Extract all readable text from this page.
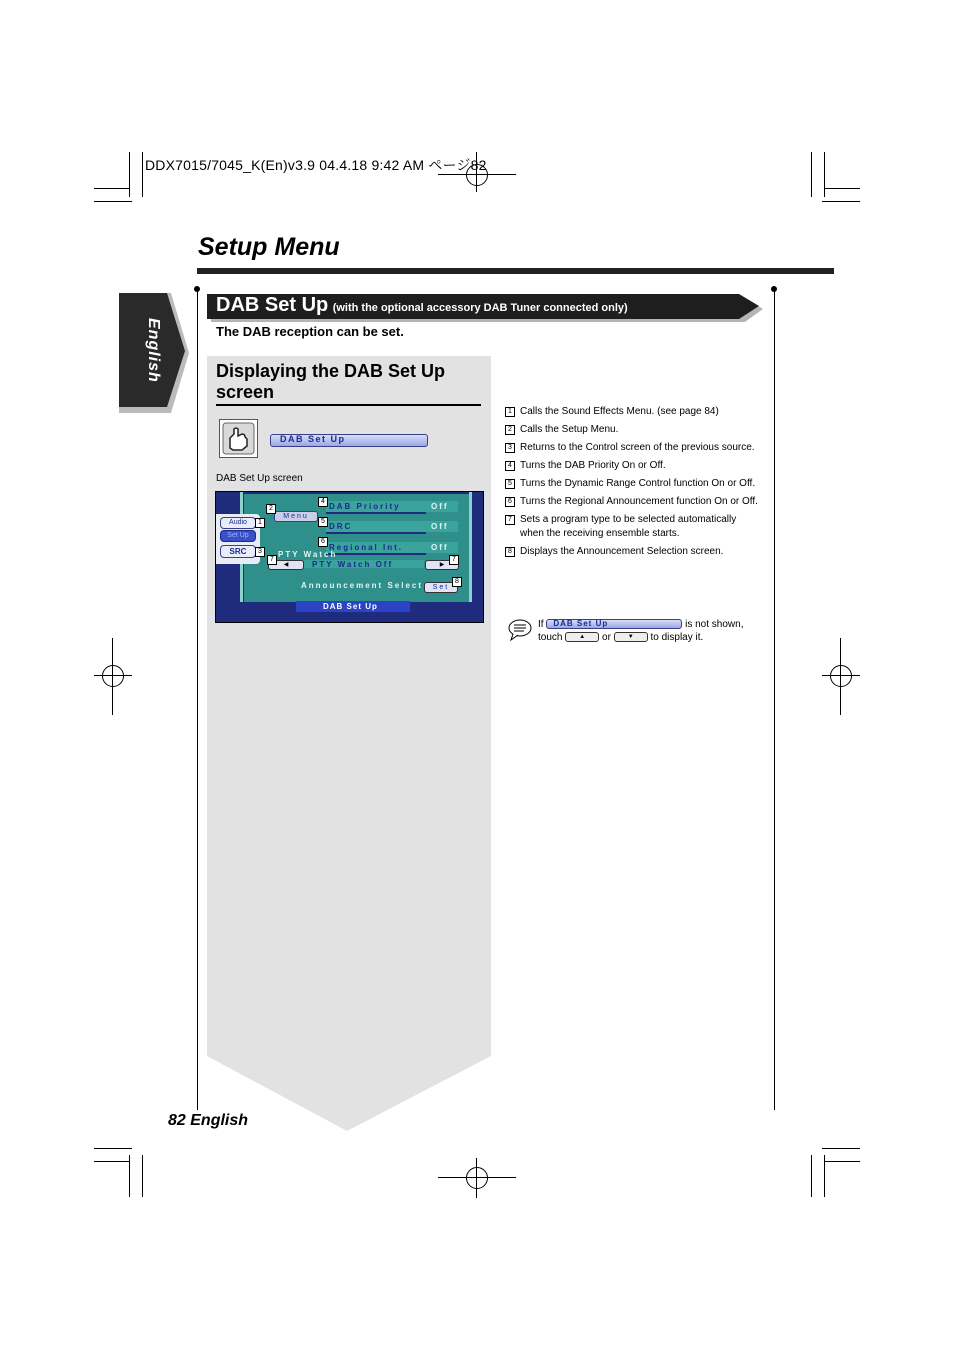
DDX7015/7045_K(En)v3.9 04.4.18 9:42 AM ページ82
Setup Menu
English
DAB Set Up (with the optional accessory DAB Tuner connected only)
The DAB reception can be set.
Displaying the DAB Set Up screen
DAB Set Up
DAB Set Up screen
Audio
Set Up
SRC
1
3
Menu
2	DAB Priority	Off
4
DRC	Off
5
Regional Int.	Off
6
PTY Watch
◀	PTY Watch Off	▶
7	7
Announcement Select	Set
8
DAB Set Up
1 Calls the Sound Effects Menu. (see page 84)
2 Calls the Setup Menu.
3 Returns to the Control screen of the previous source.
4 Turns the DAB Priority On or Off.
5 Turns the Dynamic Range Control function On or Off.
6 Turns the Regional Announcement function On or Off.
7 Sets a program type to be selected automatically when the receiving ensemble starts.
8 Displays the Announcement Selection screen.
If DAB Set Up	is not shown,
touch	▲ or	▼ to display it.
82 English
